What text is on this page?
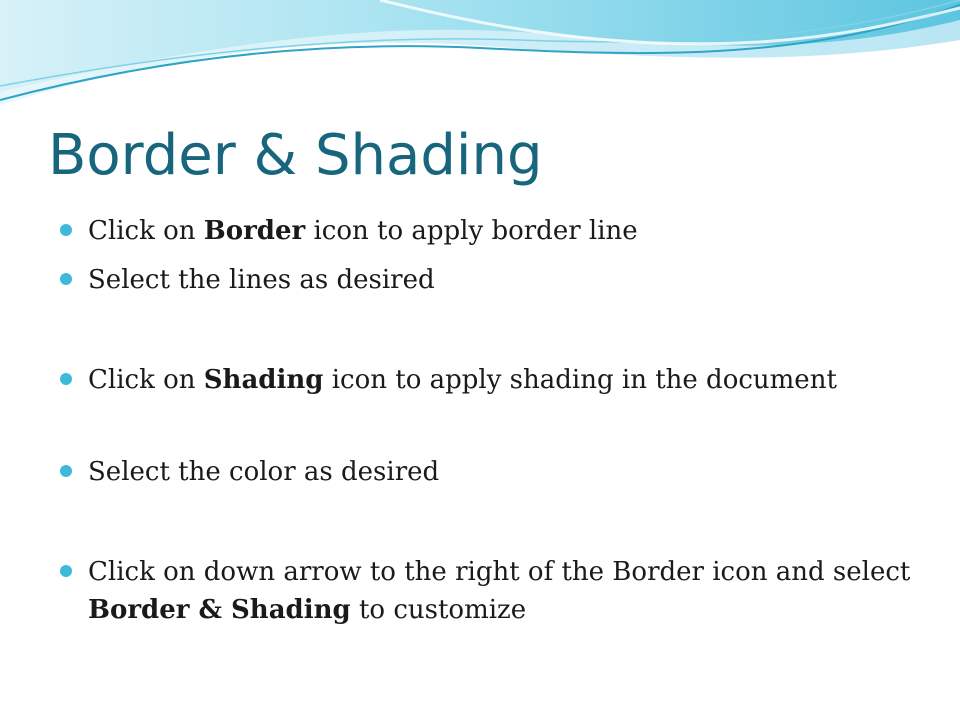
Border & Shading
Click on Border icon to apply border line
Select the lines as desired
Click on Shading icon to apply shading in the document
Select the color as desired
Click on down arrow to the right of the Border icon and select Border & Shading to customize
